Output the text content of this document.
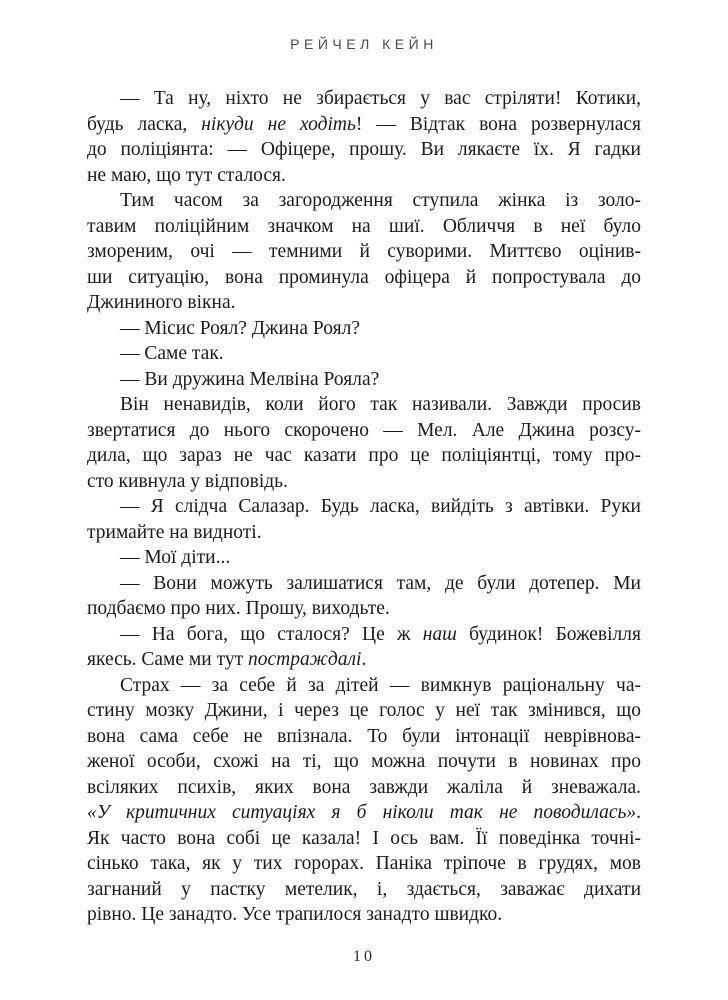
РЕЙЧЕЛ КЕЙН

— Та ну, ніхто не збирається у вас стріляти! Котики,
будь ласка, нікуди не ходіть! — Відтак вона розвернулася
до поліціянта: — Офіцере, прошу. Ви лякаєте їх. Я гадки
не маю, що тут сталося.

Тим часом за загородження ступила жінка із золо-
тавим поліційним значком на шиї. Обличчя в неї було
змореним, очі — темними й суворими. Миттєво оцінив-
ши ситуацію, вона проминула офіцера й попростувала до
Джининого вікна.

— Місис Роял? Джина Роял?

— Саме так.

— Ви дружина Мелвіна Рояла?

Він ненавидів, коли його так називали. Завжди просив
звертатися до нього скорочено — Мел. Але Джина розсу-
дила, що зараз не час казати про це поліціянтці, тому про-
сто кивнула у відповідь.

— Я слідча Салазар. Будь ласка, вийдіть з автівки. Руки
тримайте на видноті.

— Мої діти...

— Вони можуть залишатися там, де були дотепер. Ми
подбаємо про них. Прошу, виходьте.

— На бога, що сталося? Це ж наш будинок! Божевілля
якесь. Саме ми тут постраждалі.

Страх — за себе й за дітей — вимкнув раціональну ча-
стину мозку Джини, і через це голос у неї так змінився, що
вона сама себе не впізнала. То були інтонації неврівнова-
женої особи, схожі на ті, що можна почути в новинах про
всіляких психів, яких вона завжди жаліла й зневажала.
«У критичних ситуаціях я б ніколи так не поводилась».
Як часто вона собі це казала! І ось вам. Її поведінка точні-
сінько така, як у тих горорах. Паніка тріпоче в грудях, мов
загнаний у пастку метелик, і, здається, заважає дихати
рівно. Це занадто. Усе трапилося занадто швидко.

10
